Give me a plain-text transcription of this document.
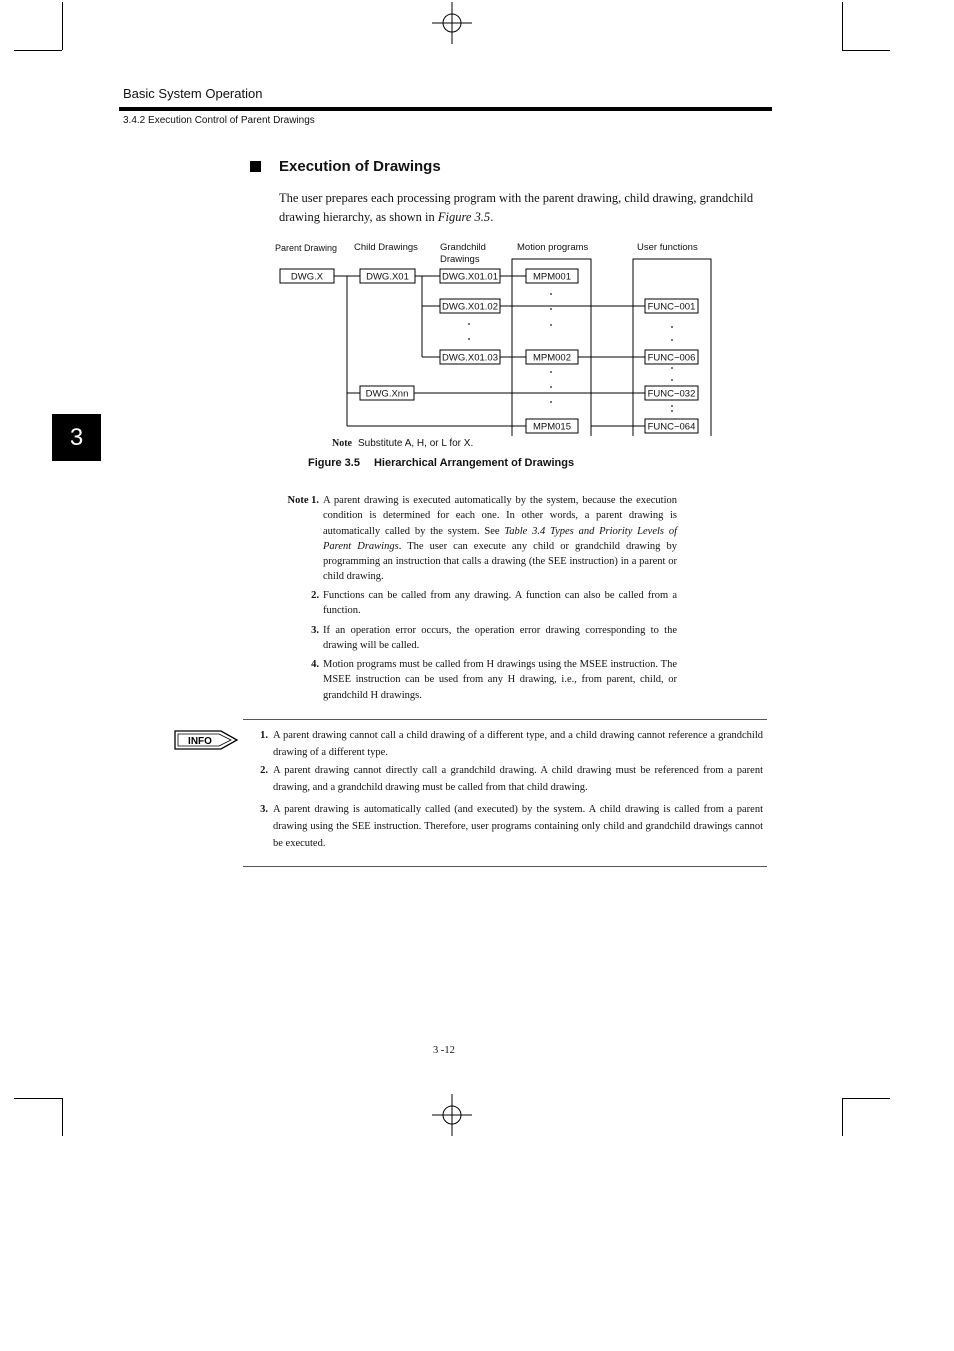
Basic System Operation
3.4.2 Execution Control of Parent Drawings
3
Execution of Drawings
The user prepares each processing program with the parent drawing, child drawing, grandchild drawing hierarchy, as shown in Figure 3.5.
Parent Drawing Child Drawings Grandchild
Drawings
Motion programs	User functions
DWG.X	DWG.X01
DWG.Xnn
DWG.X01.01
DWG.X01.02
DWG.X01.03
MPM001
MPM002
MPM015
FUNC−001
FUNC−006
FUNC−032
FUNC−064
Note Substitute A, H, or L for X.
Figure 3.5 Hierarchical Arrangement of Drawings
Note 1. A parent drawing is executed automatically by the system, because the execution condition is determined for each one. In other words, a parent drawing is automatically called by the system. See Table 3.4 Types and Priority Levels of Parent Drawings. The user can execute any child or grandchild drawing by programming an instruction that calls a drawing (the SEE instruction) in a parent or child drawing.
2. Functions can be called from any drawing. A function can also be called from a function.
3. If an operation error occurs, the operation error drawing corresponding to the drawing will be called.
4. Motion programs must be called from H drawings using the MSEE instruction. The MSEE instruction can be used from any H drawing, i.e., from parent, child, or grandchild H drawings.
INFO
1. A parent drawing cannot call a child drawing of a different type, and a child drawing cannot reference a grandchild drawing of a different type.
2. A parent drawing cannot directly call a grandchild drawing. A child drawing must be referenced from a parent drawing, and a grandchild drawing must be called from that child drawing.
3. A parent drawing is automatically called (and executed) by the system. A child drawing is called from a parent drawing using the SEE instruction. Therefore, user programs containing only child and grandchild drawings cannot be executed.
3 -12
